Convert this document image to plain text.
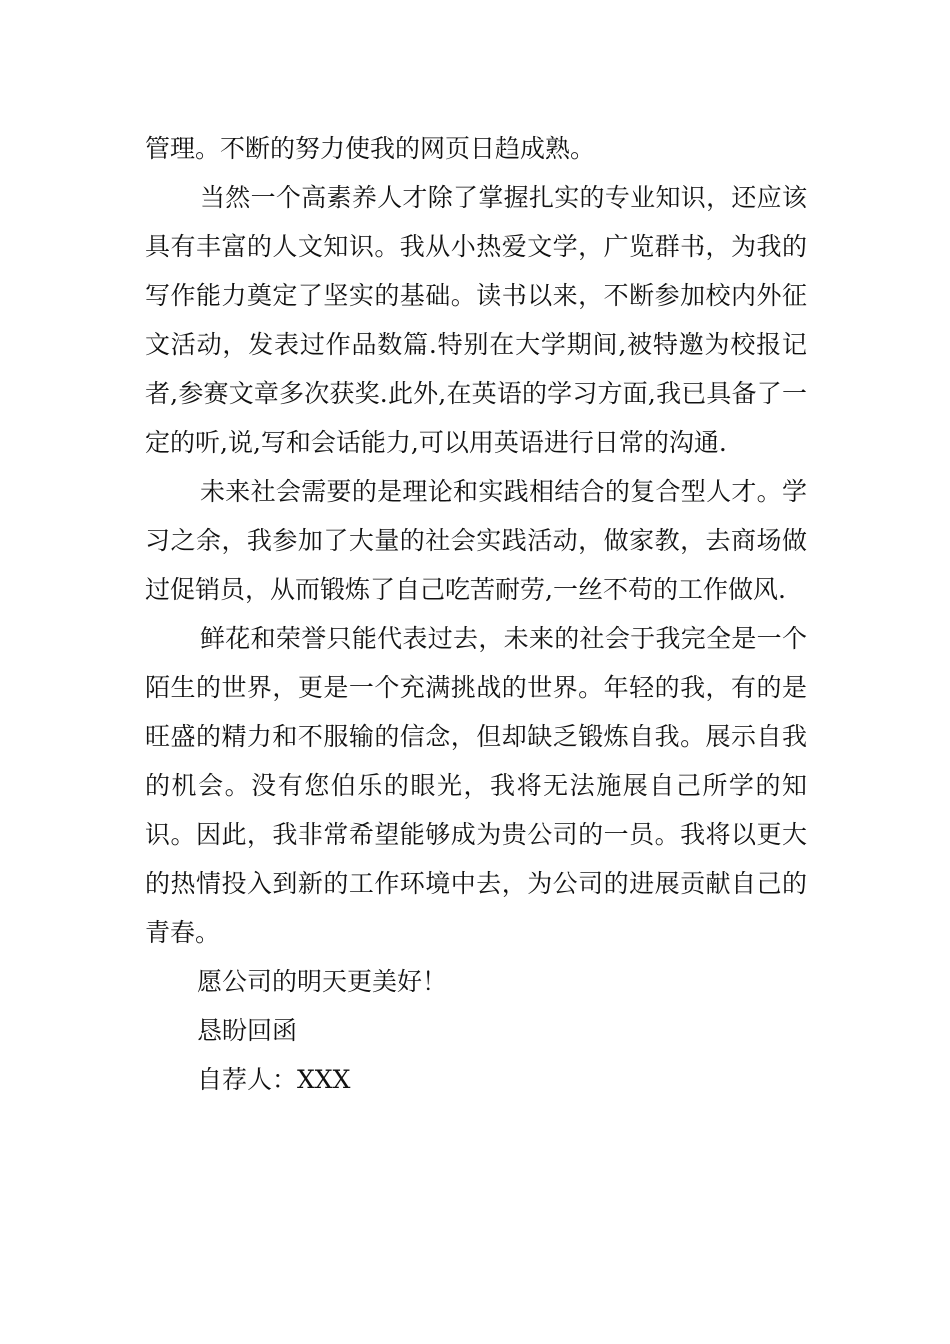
管理。不断的努力使我的网页日趋成熟。

当然一个高素养人才除了掌握扎实的专业知识，还应该具有丰富的人文知识。我从小热爱文学，广览群书，为我的写作能力奠定了坚实的基础。读书以来，不断参加校内外征文活动，发表过作品数篇.特别在大学期间,被特邀为校报记者,参赛文章多次获奖.此外,在英语的学习方面,我已具备了一定的听,说,写和会话能力,可以用英语进行日常的沟通.

未来社会需要的是理论和实践相结合的复合型人才。学习之余，我参加了大量的社会实践活动，做家教，去商场做过促销员，从而锻炼了自己吃苦耐劳,一丝不苟的工作做风.

鲜花和荣誉只能代表过去，未来的社会于我完全是一个陌生的世界，更是一个充满挑战的世界。年轻的我，有的是旺盛的精力和不服输的信念，但却缺乏锻炼自我。展示自我的机会。没有您伯乐的眼光，我将无法施展自己所学的知识。因此，我非常希望能够成为贵公司的一员。我将以更大的热情投入到新的工作环境中去，为公司的进展贡献自己的青春。

愿公司的明天更美好！

恳盼回函

自荐人：XXX
